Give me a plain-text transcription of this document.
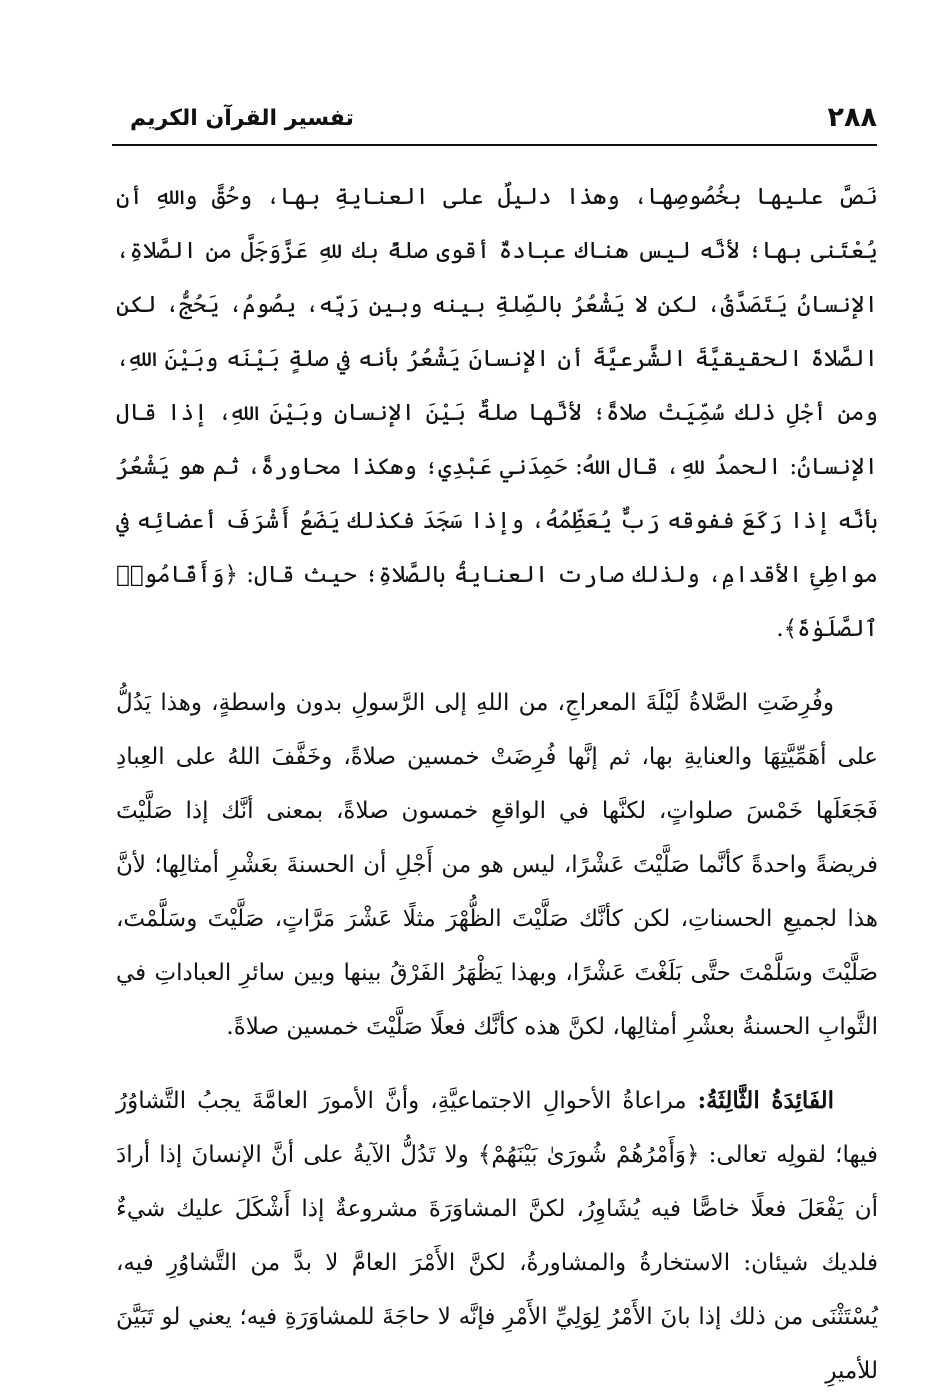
٢٨٨
تفسير القرآن الكريم

نَصَّ عليها بخُصُوصِها، وهذا دليلٌ على العنايةِ بها، وحُقَّ واللهِ أن يُعْتَنى بها؛ لأنَّه ليس هناك عبادةٌ أقوى صلةً بك للهِ عَزَّوَجَلَّ من الصَّلاةِ، الإنسانُ يَتَصَدَّقُ، لكن لا يَشْعُرُ بالصِّلةِ بينه وبين رَبِّه، يصُومُ، يَحُجُّ، لكن الصَّلاةَ الحقيقيَّةَ الشَّرعيَّةَ أن الإنسانَ يَشْعُرُ بأنه في صلةٍ بَيْنَه وبَيْنَ اللهِ، ومن أجْلِ ذلك سُمِّيَتْ صلاةً؛ لأنَّها صلةٌ بَيْنَ الإنسانِ وبَيْنَ اللهِ، إذا قال الإنسانُ: الحمدُ للهِ، قال اللهُ: حَمِدَني عَبْدِي؛ وهكذا محاورةً، ثم هو يَشْعُرُ بأنَّه إذا رَكَعَ ففوقه رَبٌّ يُعَظِّمُهُ، وإذا سَجَدَ فكذلك يَضَعُ أَشْرَفَ أعضائِه في مواطِئِ الأقدامِ، ولذلك صارت العنايةُ بالصَّلاةِ؛ حيث قال: ﴿وَأَقَامُوا۟ ٱلصَّلَوٰةَ﴾.

وفُرِضَتِ الصَّلاةُ لَيْلَةَ المعراجِ، من اللهِ إلى الرَّسولِ بدون واسطةٍ، وهذا يَدُلُّ على أهَمِّيَّتِهَا والعنايةِ بها، ثم إنَّها فُرِضَتْ خمسين صلاةً، وخَفَّفَ اللهُ على العِبادِ فَجَعَلَها خَمْسَ صلواتٍ، لكنَّها في الواقعِ خمسون صلاةً، بمعنى أنَّك إذا صَلَّيْتَ فريضةً واحدةً كأنَّما صَلَّيْتَ عَشْرًا، ليس هو من أَجْلِ أن الحسنةَ بعَشْرِ أمثالِها؛ لأنَّ هذا لجميعِ الحسناتِ، لكن كأنَّك صَلَّيْتَ الظُّهْرَ مثلًا عَشْرَ مَرَّاتٍ، صَلَّيْتَ وسَلَّمْتَ، صَلَّيْتَ وسَلَّمْتَ حتَّى بَلَغْتَ عَشْرًا، وبهذا يَظْهَرُ الفَرْقُ بينها وبين سائرِ العباداتِ في الثَّوابِ الحسنةُ بعشْرِ أمثالِها، لكنَّ هذه كأنَّك فعلًا صَلَّيْتَ خمسين صلاةً.

الفَائِدَةُ الثَّالِثَةُ: مراعاةُ الأحوالِ الاجتماعيَّةِ، وأنَّ الأمورَ العامَّةَ يجبُ التَّشاوُرُ فيها؛ لقولِه تعالى: ﴿وَأَمْرُهُمْ شُورَىٰ بَيْنَهُمْ﴾ ولا تَدُلُّ الآيةُ على أنَّ الإنسانَ إذا أرادَ أن يَفْعَلَ فعلًا خاصًّا فيه يُشَاوِرُ، لكنَّ المشاوَرَةَ مشروعةٌ إذا أَشْكَلَ عليك شيءٌ فلديك شيئان: الاستخارةُ والمشاورةُ، لكنَّ الأَمْرَ العامَّ لا بدَّ من التَّشاوُرِ فيه، يُسْتَثْنَى من ذلك إذا بانَ الأَمْرُ لِوَلِيِّ الأَمْرِ فإنَّه لا حاجَةَ للمشاوَرَةِ فيه؛ يعني لو تَبَيَّنَ للأميرِ
